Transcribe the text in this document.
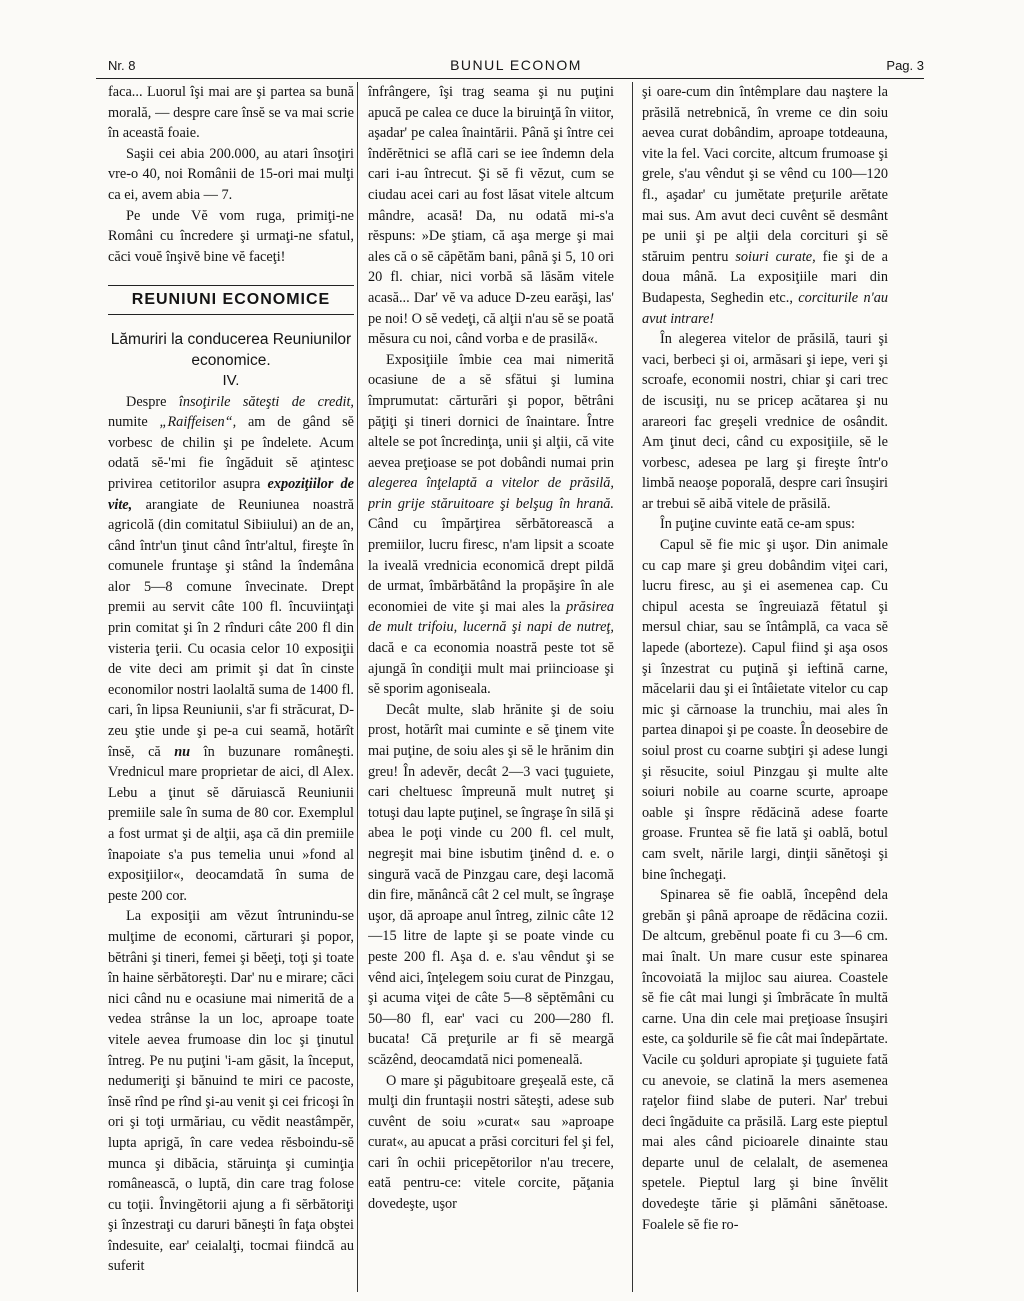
Nr. 8	BUNUL ECONOM	Pag. 3

faca... Luorul îşi mai are şi partea sa bună morală, — despre care însĕ se va mai scrie în această foaie.

Saşii cei abia 200.000, au atari însoţiri vre-o 40, noi Românii de 15-ori mai mulţi ca ei, avem abia — 7.

Pe unde Vĕ vom ruga, primiţi-ne Români cu încredere şi urmaţi-ne sfatul, căci vouĕ înşivĕ bine vĕ faceţi!

REUNIUNI ECONOMICE

Lămuriri la conducerea Reuniunilor economice.

IV.

Despre însoţirile săteşti de credit, numite „Raiffeisen“, am de gând sĕ vorbesc de chilin şi pe îndelete. Acum odată sĕ-'mi fie îngăduit sĕ aţintesc privirea cetitorilor asupra expoziţiilor de vite, arangiate de Reuniunea noastră agricolă (din comitatul Sibiiului) an de an, când într'un ţinut când într'altul, fireşte în comunele fruntaşe şi stând la îndemâna alor 5—8 comune învecinate. Drept premii au servit câte 100 fl. încuviinţaţi prin comitat şi în 2 rînduri câte 200 fl din visteria ţerii. Cu ocasia celor 10 exposiţii de vite deci am primit şi dat în cinste economilor nostri laolaltă suma de 1400 fl. cari, în lipsa Reuniunii, s'ar fi străcurat, D-zeu ştie unde şi pe-a cui seamă, hotărît însĕ, că nu în buzunare româneşti. Vrednicul mare proprietar de aici, dl Alex. Lebu a ţinut sĕ dăruiască Reuniunii premiile sale în suma de 80 cor. Exemplul a fost urmat şi de alţii, aşa că din premiile înapoiate s'a pus temelia unui »fond al exposiţiilor«, deocamdată în suma de peste 200 cor.

La exposiţii am vĕzut întrunindu-se mulţime de economi, cărturari şi popor, bĕtrâni şi tineri, femei şi bĕeţi, toţi şi toate în haine sĕrbătoreşti. Dar' nu e mirare; căci nici când nu e ocasiune mai nimerită de a vedea strânse la un loc, aproape toate vitele aevea frumoase din loc şi ţinutul întreg. Pe nu puţini 'i-am găsit, la început, nedumeriţi şi bănuind te miri ce pacoste, însĕ rînd pe rînd şi-au venit şi cei fricoşi în ori şi toţi urmăriau, cu vĕdit neastâmpĕr, lupta aprigă, în care vedea rĕsboindu-sĕ munca şi dibăcia, stăruinţa şi cuminţia românească, o luptă, din care trag folosе cu toţii. Învingĕtorii ajung a fi sĕrbătoriţi şi înzestraţi cu daruri băneşti în faţa obştei îndesuite, ear' ceialalţi, tocmai fiindcă au suferit

înfrângere, îşi trag seama şi nu puţini apucă pe calea ce duce la biruinţă în viitor, aşadar' pe calea înaintării. Până şi între cei îndĕrĕtnici se află cari se iee îndemn dela cari i-au întrecut. Şi sĕ fi vĕzut, cum se ciudau acei cari au fost lăsat vitele altcum mândre, acasă! Da, nu odată mi-s'a rĕspuns: »De ştiam, că aşa merge şi mai ales că o sĕ căpĕtăm bani, până şi 5, 10 ori 20 fl. chiar, nici vorbă să lăsăm vitele acasă... Dar' vĕ va aduce D-zeu earăşi, las' pe noi! O sĕ vedeţi, că alţii n'au sĕ se poată mĕsura cu noi, când vorba e de prasilă«.

Exposiţiile îmbie cea mai nimerită ocasiune de a sĕ sfătui şi lumina împrumutat: cărturări şi popor, bĕtrâni păţiţi şi tineri dornici de înaintare. Între altele se pot încredinţa, unii şi alţii, că vite aevea preţioase se pot dobândi numai prin alegerea înţelaptă a vitelor de prăsilă, prin grije stăruitoare şi belşug în hrană. Când cu împărţirea sĕrbătorească a premiilor, lucru firesc, n'am lipsit a scoate la iveală vrednicia economică drept pildă de urmat, îmbărbătând la propăşire în ale economiei de vite şi mai ales la prăsirea de mult trifoiu, lucernă şi napi de nutreţ, dacă e ca economia noastră peste tot sĕ ajungă în condiţii mult mai priincioase şi sĕ sporim agoniseala.

Decât multe, slab hrănite şi de soiu prost, hotărît mai cuminte e sĕ ţinem vite mai puţine, de soiu ales şi sĕ le hrănim din greu! În adevĕr, decât 2—3 vaci ţuguiete, cari cheltuesc împreună mult nutreţ şi totuşi dau lapte puţinel, se îngraşe în silă şi abea le poţi vinde cu 200 fl. cel mult, negreşit mai bine isbutim ţinênd d. e. o singură vacă de Pinzgau care, deşi lacomă din fire, mănâncă cât 2 cel mult, se îngraşe uşor, dă aproape anul întreg, zilnic câte 12—15 litre de lapte şi se poate vinde cu peste 200 fl. Aşa d. e. s'au vêndut şi se vênd aici, înţelegem soiu curat de Pinzgau, şi acuma viţei de câte 5—8 sĕptĕmâni cu 50—80 fl, ear' vaci cu 200—280 fl. bucata! Că preţurile ar fi sĕ meargă scăzênd, deocamdată nici pomenеală.

O mare şi păgubitoare greşeală este, că mulţi din fruntaşii nostri săteşti, adese sub cuvênt de soiu »curat« sau »aproape curat«, au apucat a prăsi corcituri fel şi fel, cari în ochii pricepĕtorilor n'au trecere, eată pentru-ce: vitele corcite, păţania dovedeşte, uşor

şi oare-cum din întêmplare dau naştere la prăsilă netrebnică, în vreme ce din soiu aevea curat dobândim, aproape totdeauna, vite la fel. Vaci corcite, altcum frumoase şi grele, s'au vêndut şi se vênd cu 100—120 fl., aşadar' cu jumĕtate preţurile arĕtate mai sus. Am avut deci cuvênt sĕ desmânt pe unii şi pe alţii dela corcituri şi sĕ stăruim pentru soiuri curate, fie şi de a doua mână. La exposiţiile mari din Budapesta, Seghedin etc., corciturile n'au avut intrare!

În alegerea vitelor de prăsilă, tauri şi vaci, berbeci şi oi, armăsari şi iepe, veri şi scroafe, economii nostri, chiar şi cari trec de iscusiţi, nu se pricep acătarea şi nu arareori fac greşeli vrednice de osândit. Am ţinut deci, când cu exposiţiile, sĕ le vorbesc, adesea pe larg şi fireşte într'o limbă neaoşe poporală, despre cari însuşiri ar trebui sĕ aibă vitele de prăsilă.

În puţine cuvinte eată ce-am spus:

Capul sĕ fie mic şi uşor. Din animale cu cap mare şi greu dobândim viţei cari, lucru firesc, au şi ei asemenea cap. Cu chipul acesta se îngreuiază fĕtatul şi mersul chiar, sau se întâmplă, ca vaca sĕ lapede (aborteze). Capul fiind şi aşa osos şi înzestrat cu puţină şi ieftină carne, măcelarii dau şi ei întâietate vitelor cu cap mic şi cărnoase la trunchiu, mai ales în partea dinapoi şi pe coaste. În deosebire de soiul prost cu coarne subţiri şi adese lungi şi rĕsucite, soiul Pinzgau şi multe alte soiuri nobile au coarne scurte, aproape oable şi înspre rĕdăcină adese foarte groase. Fruntea sĕ fie lată şi oablă, botul cam svelt, nările largi, dinţii sănĕtoşi şi bine închegaţi.

Spinarea sĕ fie oablă, începênd dela grebăn şi până aproape de rĕdăcina cozii. De altcum, grebĕnul poate fi cu 3—6 cm. mai înalt. Un mare cusur este spinarea încovoiată la mijloc sau aiurea. Coastele sĕ fie cât mai lungi şi îmbrăcate în multă carne. Una din cele mai preţioase însuşiri este, ca şoldurile sĕ fie cât mai îndepărtate. Vacile cu şolduri apropiate şi ţuguiete fată cu anevoie, se clatină la mers asemenea raţelor fiind slabe de puteri. Nar' trebui deci îngăduite ca prăsilă. Larg este pieptul mai ales când picioarele dinainte stau departe unul de celalalt, de asemenea spetele. Pieptul larg şi bine învĕlit dovedeşte tărie şi plămâni sănĕtoase. Foalele sĕ fie ro-
